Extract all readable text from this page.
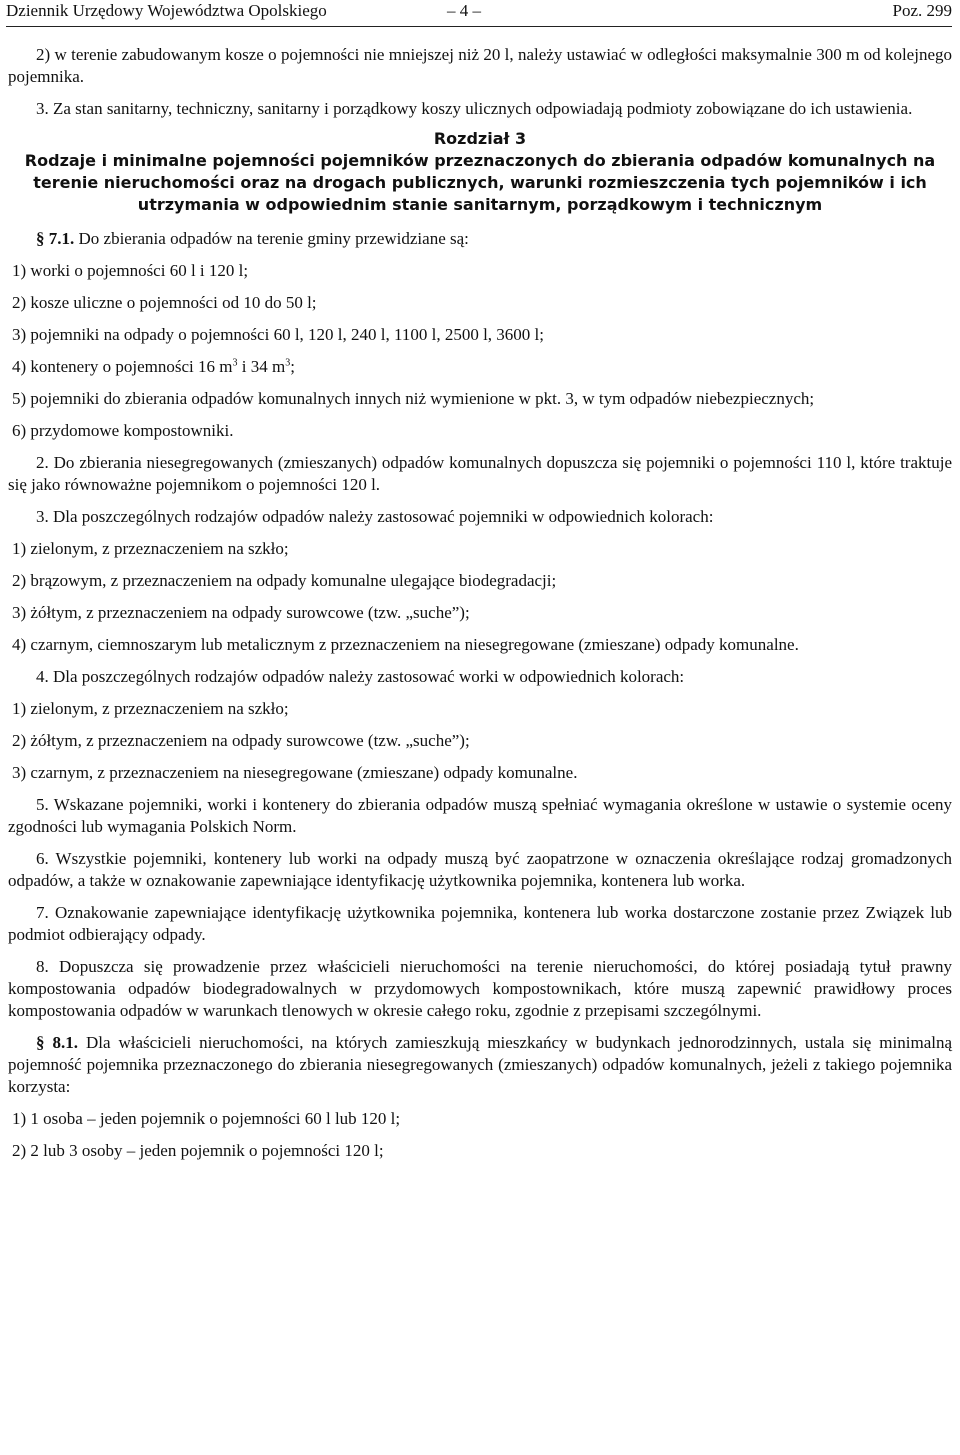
Dziennik Urzędowy Województwa Opolskiego	– 4 –	Poz. 299

2) w terenie zabudowanym kosze o pojemności nie mniejszej niż 20 l, należy ustawiać w odległości maksymalnie 300 m od kolejnego pojemnika.

3. Za stan sanitarny, techniczny, sanitarny i porządkowy koszy ulicznych odpowiadają podmioty zobowiązane do ich ustawienia.

Rozdział 3

Rodzaje i minimalne pojemności pojemników przeznaczonych do zbierania odpadów komunalnych na terenie nieruchomości oraz na drogach publicznych, warunki rozmieszczenia tych pojemników i ich utrzymania w odpowiednim stanie sanitarnym, porządkowym i technicznym

§ 7.1. Do zbierania odpadów na terenie gminy przewidziane są:

1) worki o pojemności 60 l i 120 l;

2) kosze uliczne o pojemności od 10 do 50 l;

3) pojemniki na odpady o pojemności 60 l, 120 l, 240 l, 1100 l, 2500 l, 3600 l;

4) kontenery o pojemności 16 $m^3$ i 34 $m^3$;

5) pojemniki do zbierania odpadów komunalnych innych niż wymienione w pkt. 3, w tym odpadów niebezpiecznych;

6) przydomowe kompostowniki.

2. Do zbierania niesegregowanych (zmieszanych) odpadów komunalnych dopuszcza się pojemniki o pojemności 110 l, które traktuje się jako równoważne pojemnikom o pojemności 120 l.

3. Dla poszczególnych rodzajów odpadów należy zastosować pojemniki w odpowiednich kolorach:

1) zielonym, z przeznaczeniem na szkło;

2) brązowym, z przeznaczeniem na odpady komunalne ulegające biodegradacji;

3) żółtym, z przeznaczeniem na odpady surowcowe (tzw. „suche”);

4) czarnym, ciemnoszarym lub metalicznym z przeznaczeniem na niesegregowane (zmieszane) odpady komunalne.

4. Dla poszczególnych rodzajów odpadów należy zastosować worki w odpowiednich kolorach:

1) zielonym, z przeznaczeniem na szkło;

2) żółtym, z przeznaczeniem na odpady surowcowe (tzw. „suche”);

3) czarnym, z przeznaczeniem na niesegregowane (zmieszane) odpady komunalne.

5. Wskazane pojemniki, worki i kontenery do zbierania odpadów muszą spełniać wymagania określone w ustawie o systemie oceny zgodności lub wymagania Polskich Norm.

6. Wszystkie pojemniki, kontenery lub worki na odpady muszą być zaopatrzone w oznaczenia określające rodzaj gromadzonych odpadów, a także w oznakowanie zapewniające identyfikację użytkownika pojemnika, kontenera lub worka.

7. Oznakowanie zapewniające identyfikację użytkownika pojemnika, kontenera lub worka dostarczone zostanie przez Związek lub podmiot odbierający odpady.

8. Dopuszcza się prowadzenie przez właścicieli nieruchomości na terenie nieruchomości, do której posiadają tytuł prawny kompostowania odpadów biodegradowalnych w przydomowych kompostownikach, które muszą zapewnić prawidłowy proces kompostowania odpadów w warunkach tlenowych w okresie całego roku, zgodnie z przepisami szczególnymi.

§ 8.1. Dla właścicieli nieruchomości, na których zamieszkują mieszkańcy w budynkach jednorodzinnych, ustala się minimalną pojemność pojemnika przeznaczonego do zbierania niesegregowanych (zmieszanych) odpadów komunalnych, jeżeli z takiego pojemnika korzysta:

1) 1 osoba – jeden pojemnik o pojemności 60 l lub 120 l;

2) 2 lub 3 osoby – jeden pojemnik o pojemności 120 l;
